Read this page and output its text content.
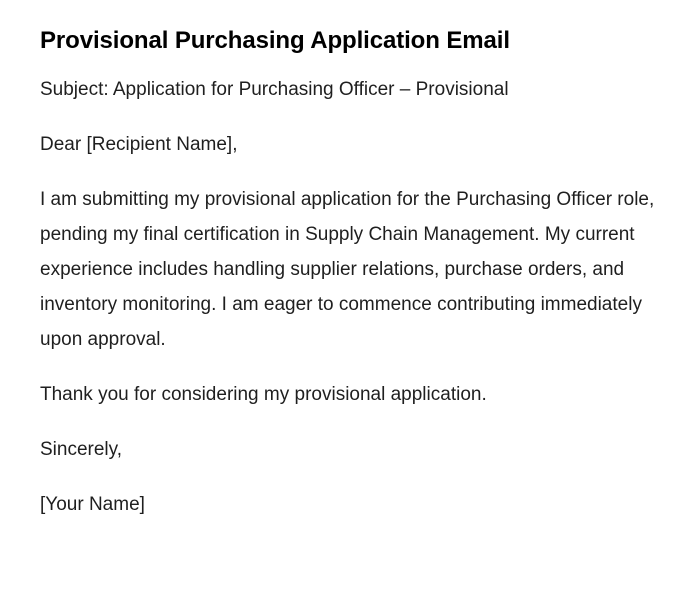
Provisional Purchasing Application Email

Subject: Application for Purchasing Officer – Provisional

Dear [Recipient Name],

I am submitting my provisional application for the Purchasing Officer role, pending my final certification in Supply Chain Management. My current experience includes handling supplier relations, purchase orders, and inventory monitoring. I am eager to commence contributing immediately upon approval.

Thank you for considering my provisional application.

Sincerely,

[Your Name]
